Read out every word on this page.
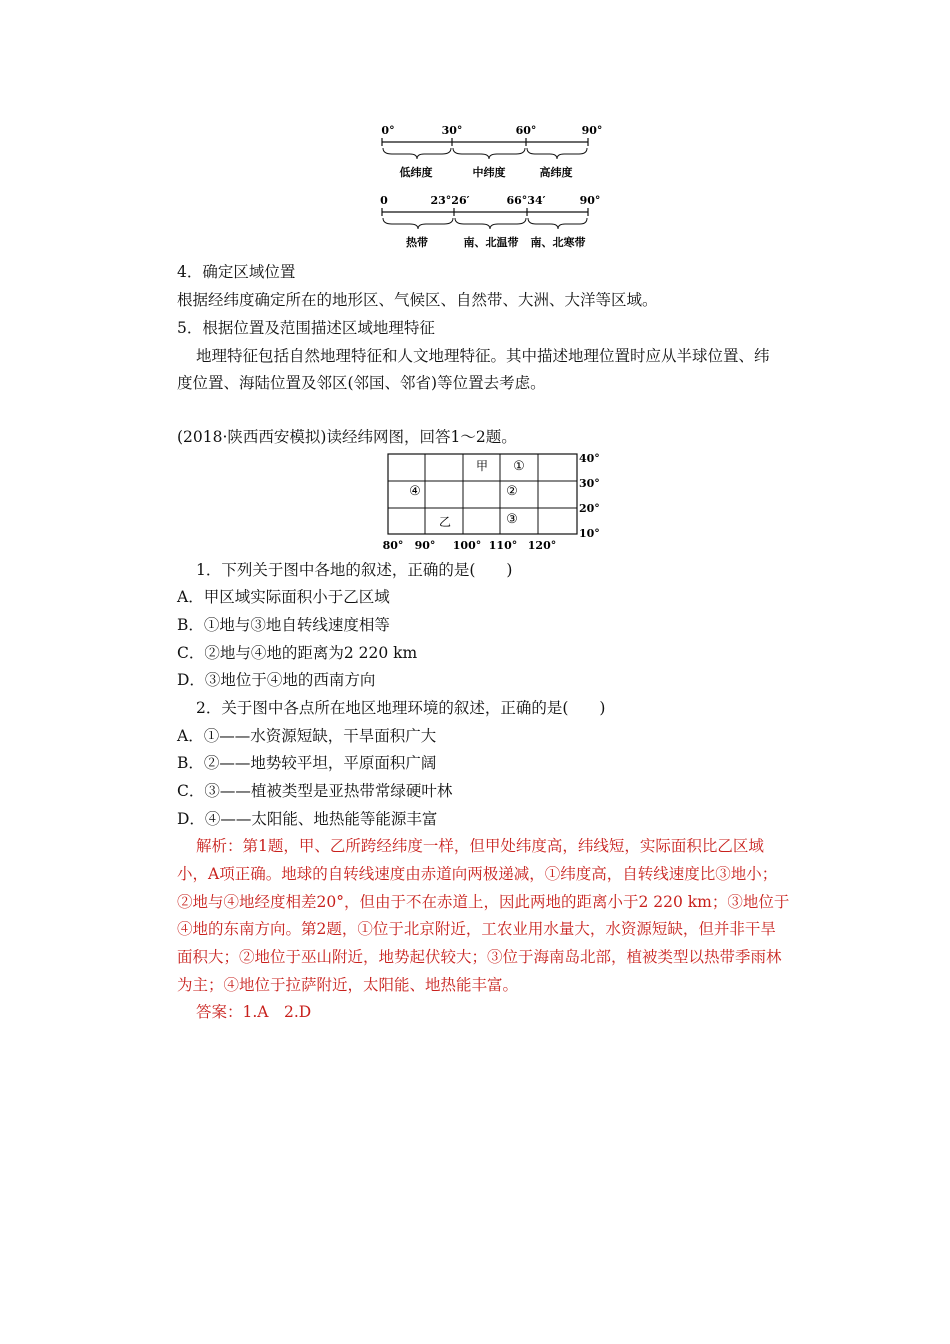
0°	30°	60°	90°
低纬度	中纬度	高纬度
0	23°26′	66°34′	90°
热带	南、北温带 南、北寒带
4．确定区域位置
根据经纬度确定所在的地形区、气候区、自然带、大洲、大洋等区域。
5．根据位置及范围描述区域地理特征
地理特征包括自然地理特征和人文地理特征。其中描述地理位置时应从半球位置、纬
度位置、海陆位置及邻区(邻国、邻省)等位置去考虑。
(2018·陕西西安模拟)读经纬网图，回答1～2题。
甲 ①
④	②
乙	③
40°
30°
20°
10°
80° 90° 100° 110° 120°
1．下列关于图中各地的叙述，正确的是(　　)
A．甲区域实际面积小于乙区域
B．①地与③地自转线速度相等
C．②地与④地的距离为2 220 km
D．③地位于④地的西南方向
2．关于图中各点所在地区地理环境的叙述，正确的是(　　)
A．①——水资源短缺，干旱面积广大
B．②——地势较平坦，平原面积广阔
C．③——植被类型是亚热带常绿硬叶林
D．④——太阳能、地热能等能源丰富
解析：第1题，甲、乙所跨经纬度一样，但甲处纬度高，纬线短，实际面积比乙区域
小，A项正确。地球的自转线速度由赤道向两极递减，①纬度高，自转线速度比③地小；
②地与④地经度相差20°，但由于不在赤道上，因此两地的距离小于2 220 km；③地位于
④地的东南方向。第2题，①位于北京附近，工农业用水量大，水资源短缺，但并非干旱
面积大；②地位于巫山附近，地势起伏较大；③位于海南岛北部，植被类型以热带季雨林
为主；④地位于拉萨附近，太阳能、地热能丰富。
答案：1.A　2.D
